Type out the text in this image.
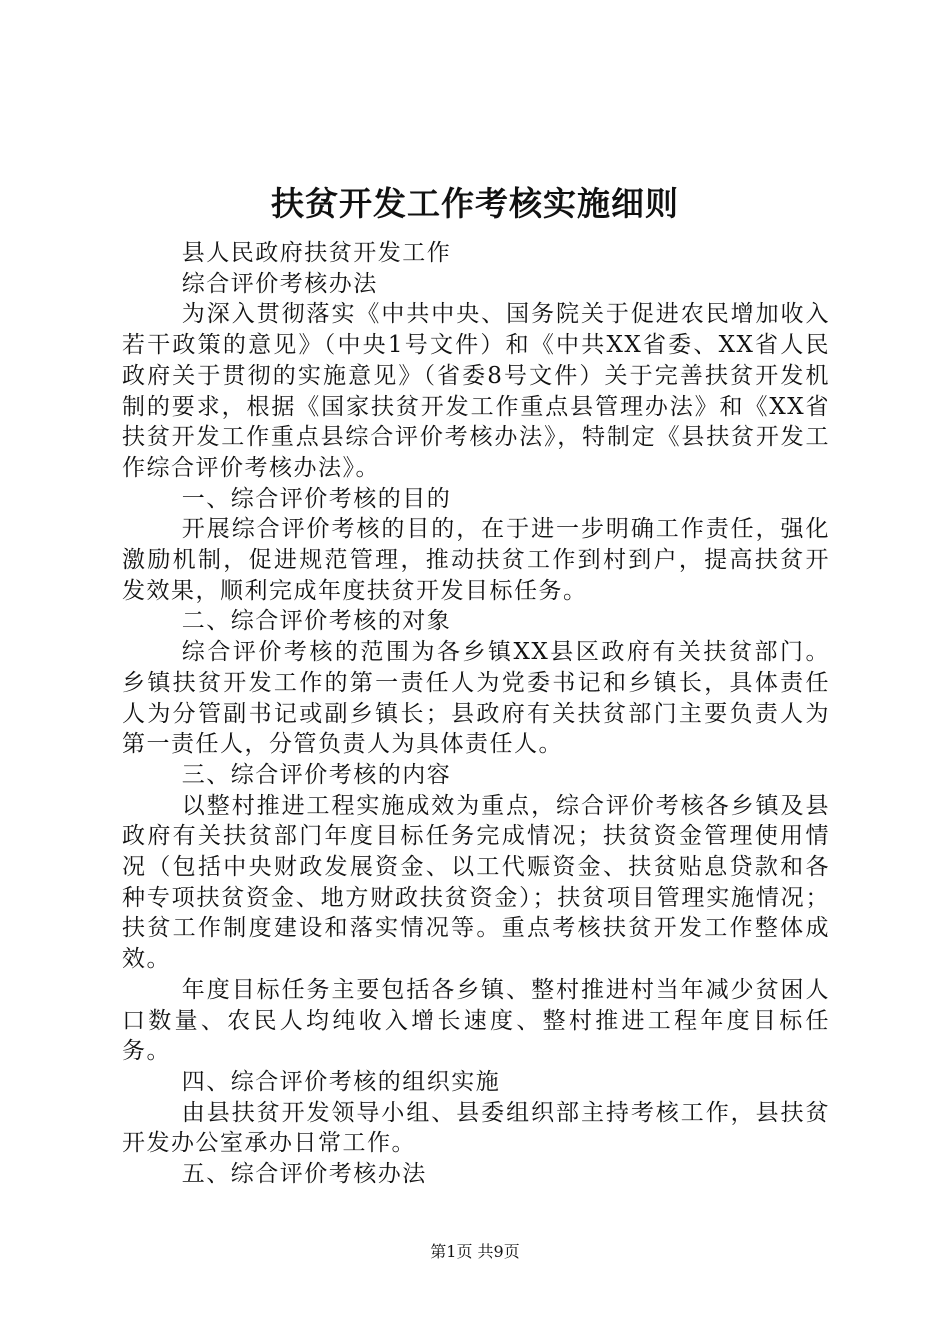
扶贫开发工作考核实施细则

县人民政府扶贫开发工作

综合评价考核办法

为深入贯彻落实《中共中央、国务院关于促进农民增加收入若干政策的意见》（中央1号文件）和《中共XX省委、XX省人民政府关于贯彻的实施意见》（省委8号文件）关于完善扶贫开发机制的要求，根据《国家扶贫开发工作重点县管理办法》和《XX省扶贫开发工作重点县综合评价考核办法》，特制定《县扶贫开发工作综合评价考核办法》。

一、综合评价考核的目的

开展综合评价考核的目的，在于进一步明确工作责任，强化激励机制，促进规范管理，推动扶贫工作到村到户，提高扶贫开发效果，顺利完成年度扶贫开发目标任务。

二、综合评价考核的对象

综合评价考核的范围为各乡镇XX县区政府有关扶贫部门。乡镇扶贫开发工作的第一责任人为党委书记和乡镇长，具体责任人为分管副书记或副乡镇长；县政府有关扶贫部门主要负责人为第一责任人，分管负责人为具体责任人。

三、综合评价考核的内容

以整村推进工程实施成效为重点，综合评价考核各乡镇及县政府有关扶贫部门年度目标任务完成情况；扶贫资金管理使用情况（包括中央财政发展资金、以工代赈资金、扶贫贴息贷款和各种专项扶贫资金、地方财政扶贫资金）；扶贫项目管理实施情况；扶贫工作制度建设和落实情况等。重点考核扶贫开发工作整体成效。

年度目标任务主要包括各乡镇、整村推进村当年减少贫困人口数量、农民人均纯收入增长速度、整村推进工程年度目标任务。

四、综合评价考核的组织实施

由县扶贫开发领导小组、县委组织部主持考核工作，县扶贫开发办公室承办日常工作。

五、综合评价考核办法

第1页 共9页
